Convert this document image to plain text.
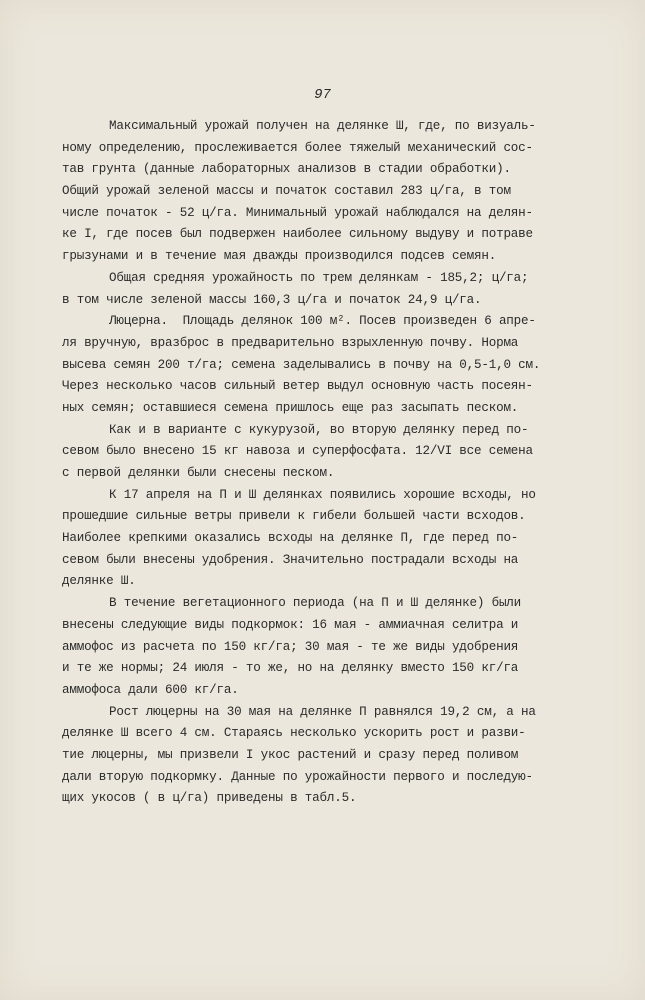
97
Максимальный урожай получен на делянке Ш, где, по визуаль-
ному определению, прослеживается более тяжелый механический сос-
тав грунта (данные лабораторных анализов в стадии обработки).
Общий урожай зеленой массы и початок составил 283 ц/га, в том
числе початок - 52 ц/га. Минимальный урожай наблюдался на делян-
ке I, где посев был подвержен наиболее сильному выдуву и потраве
грызунами и в течение мая дважды производился подсев семян.
Общая средняя урожайность по трем делянкам - 185,2; ц/га;
в том числе зеленой массы 160,3 ц/га и початок 24,9 ц/га.
Люцерна.  Площадь делянок 100 м². Посев произведен 6 апре-
ля вручную, вразброс в предварительно взрыхленную почву. Норма
высева семян 200 т/га; семена заделывались в почву на 0,5-1,0 см.
Через несколько часов сильный ветер выдул основную часть посеян-
ных семян; оставшиеся семена пришлось еще раз засыпать песком.
Как и в варианте с кукурузой, во вторую делянку перед по-
севом было внесено 15 кг навоза и суперфосфата. 12/VI все семена
с первой делянки были снесены песком.
К 17 апреля на П и Ш делянках появились хорошие всходы, но
прошедшие сильные ветры привели к гибели большей части всходов.
Наиболее крепкими оказались всходы на делянке П, где перед по-
севом были внесены удобрения. Значительно пострадали всходы на
делянке Ш.
В течение вегетационного периода (на П и Ш делянке) были
внесены следующие виды подкормок: 16 мая - аммиачная селитра и
аммофос из расчета по 150 кг/га; 30 мая - те же виды удобрения
и те же нормы; 24 июля - то же, но на делянку вместо 150 кг/га
аммофоса дали 600 кг/га.
Рост люцерны на 30 мая на делянке П равнялся 19,2 см, а на
делянке Ш всего 4 см. Стараясь несколько ускорить рост и разви-
тие люцерны, мы призвели I укос растений и сразу перед поливом
дали вторую подкормку. Данные по урожайности первого и последую-
щих укосов ( в ц/га) приведены в табл.5.
